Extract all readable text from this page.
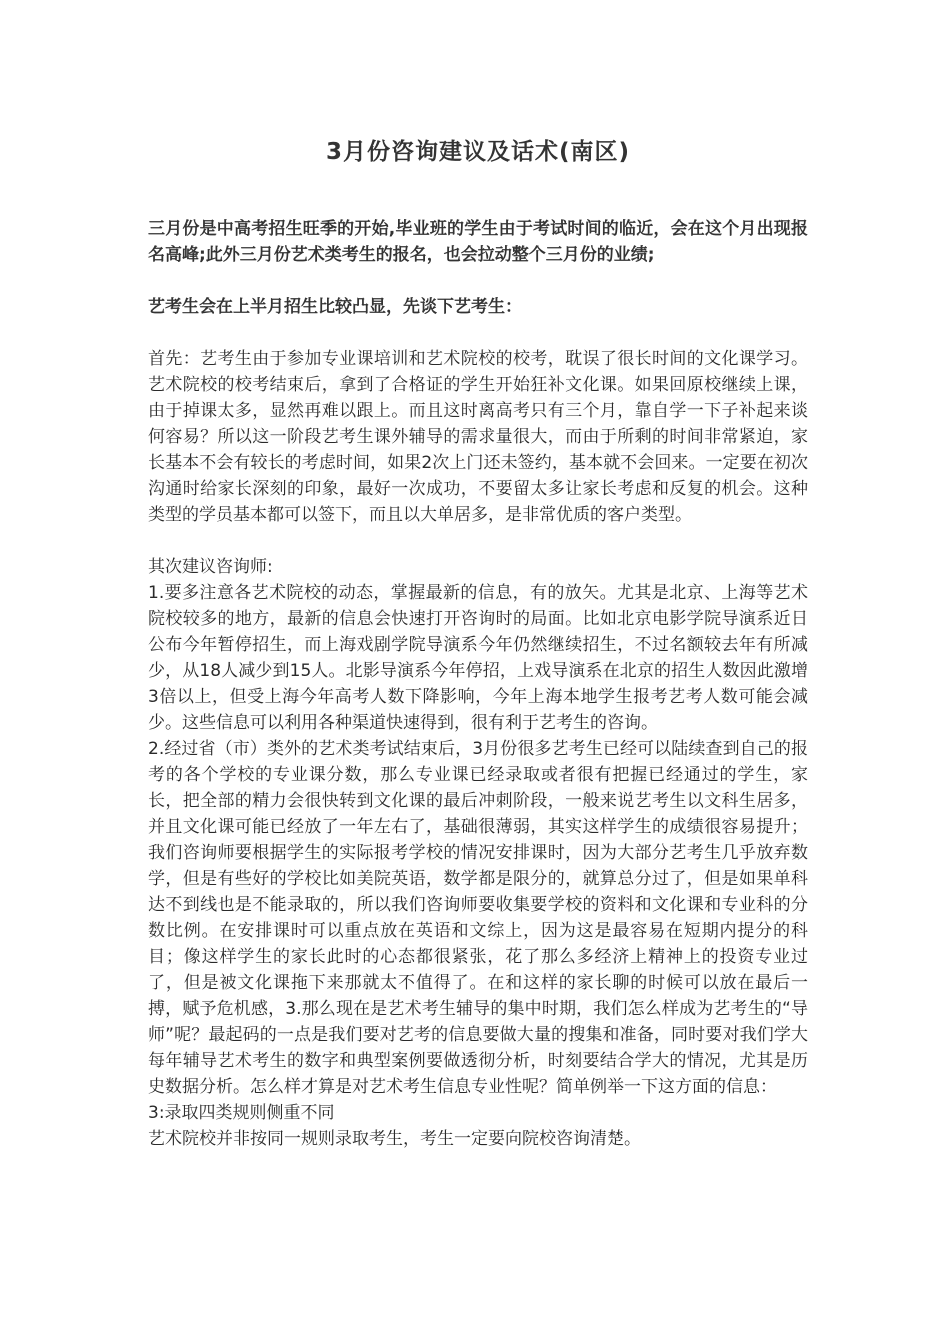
3月份咨询建议及话术(南区)

三月份是中高考招生旺季的开始,毕业班的学生由于考试时间的临近，会在这个月出现报名高峰;此外三月份艺术类考生的报名，也会拉动整个三月份的业绩;

艺考生会在上半月招生比较凸显，先谈下艺考生：

首先：艺考生由于参加专业课培训和艺术院校的校考，耽误了很长时间的文化课学习。艺术院校的校考结束后，拿到了合格证的学生开始狂补文化课。如果回原校继续上课，由于掉课太多，显然再难以跟上。而且这时离高考只有三个月，靠自学一下子补起来谈何容易？所以这一阶段艺考生课外辅导的需求量很大，而由于所剩的时间非常紧迫，家长基本不会有较长的考虑时间，如果2次上门还未签约，基本就不会回来。一定要在初次沟通时给家长深刻的印象，最好一次成功，不要留太多让家长考虑和反复的机会。这种类型的学员基本都可以签下，而且以大单居多，是非常优质的客户类型。

其次建议咨询师:

1.要多注意各艺术院校的动态，掌握最新的信息，有的放矢。尤其是北京、上海等艺术院校较多的地方，最新的信息会快速打开咨询时的局面。比如北京电影学院导演系近日公布今年暂停招生，而上海戏剧学院导演系今年仍然继续招生，不过名额较去年有所减少，从18人减少到15人。北影导演系今年停招，上戏导演系在北京的招生人数因此激增3倍以上，但受上海今年高考人数下降影响，今年上海本地学生报考艺考人数可能会减少。这些信息可以利用各种渠道快速得到，很有利于艺考生的咨询。

2.经过省（市）类外的艺术类考试结束后，3月份很多艺考生已经可以陆续查到自己的报考的各个学校的专业课分数，那么专业课已经录取或者很有把握已经通过的学生，家长，把全部的精力会很快转到文化课的最后冲刺阶段，一般来说艺考生以文科生居多，并且文化课可能已经放了一年左右了，基础很薄弱，其实这样学生的成绩很容易提升；我们咨询师要根据学生的实际报考学校的情况安排课时，因为大部分艺考生几乎放弃数学，但是有些好的学校比如美院英语，数学都是限分的，就算总分过了，但是如果单科达不到线也是不能录取的，所以我们咨询师要收集要学校的资料和文化课和专业科的分数比例。在安排课时可以重点放在英语和文综上，因为这是最容易在短期内提分的科目；像这样学生的家长此时的心态都很紧张，花了那么多经济上精神上的投资专业过了，但是被文化课拖下来那就太不值得了。在和这样的家长聊的时候可以放在最后一搏，赋予危机感，3.那么现在是艺术考生辅导的集中时期，我们怎么样成为艺考生的“导师”呢？最起码的一点是我们要对艺考的信息要做大量的搜集和准备，同时要对我们学大每年辅导艺术考生的数字和典型案例要做透彻分析，时刻要结合学大的情况，尤其是历史数据分析。怎么样才算是对艺术考生信息专业性呢？简单例举一下这方面的信息：

3:录取四类规则侧重不同

艺术院校并非按同一规则录取考生，考生一定要向院校咨询清楚。
